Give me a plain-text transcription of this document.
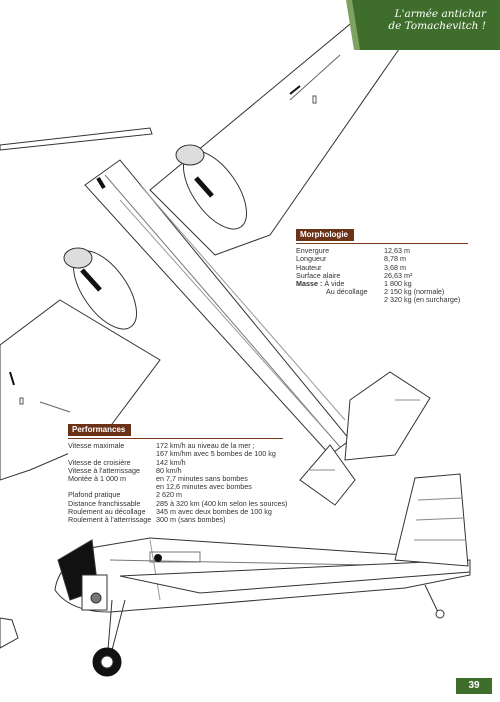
L'armée antichar
de Tomachevitch !
Morphologie
Envergure	12,63 m
Longueur	8,78 m
Hauteur	3,68 m
Surface alaire	26,63 m²
Masse : À vide	1 800 kg
Au décollage	2 150 kg (normale)
2 320 kg (en surcharge)
Performances
Vitesse maximale	172 km/h au niveau de la mer ;
167 km/hm avec 5 bombes de 100 kg
Vitesse de croisière	142 km/h
Vitesse à l'atterrissage	80 km/h
Montée à 1 000 m	en 7,7 minutes sans bombes
en 12,6 minutes avec bombes
Plafond pratique	2 620 m
Distance franchissable	285 à 320 km (400 km selon les sources)
Roulement au décollage	345 m avec deux bombes de 100 kg
Roulement à l'atterrissage 300 m (sans bombes)
39
